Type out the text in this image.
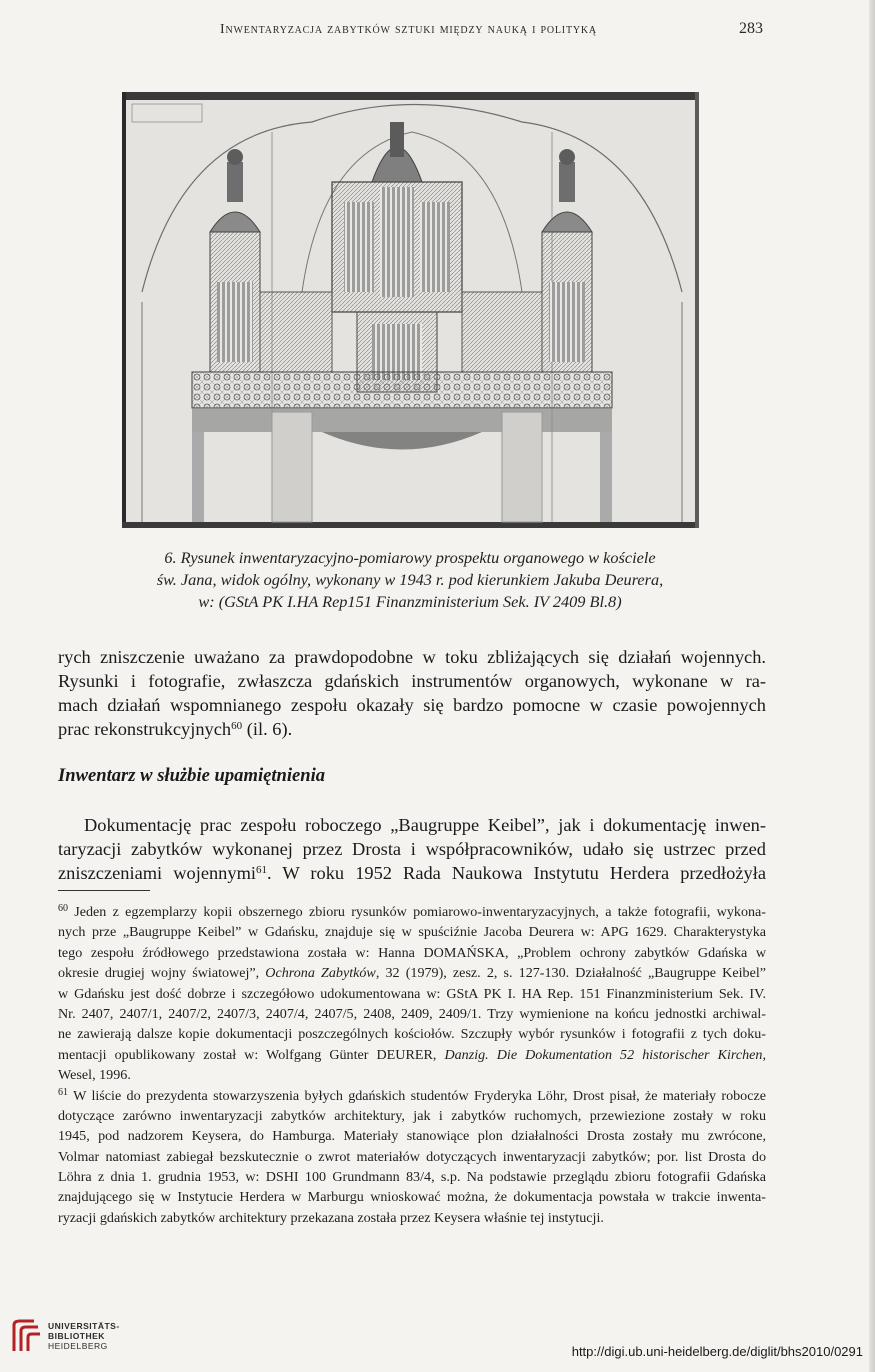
Inwentaryzacja zabytków sztuki między nauką i polityką	283
6. Rysunek inwentaryzacyjno-pomiarowy prospektu organowego w kościele
św. Jana, widok ogólny, wykonany w 1943 r. pod kierunkiem Jakuba Deurera,
w: (GStA PK I.HA Rep151 Finanzministerium Sek. IV 2409 Bl.8)
rych zniszczenie uważano za prawdopodobne w toku zbliżających się działań wojennych.
Rysunki i fotografie, zwłaszcza gdańskich instrumentów organowych, wykonane w ra-
mach działań wspomnianego zespołu okazały się bardzo pomocne w czasie powojennych
prac rekonstrukcyjnych$^{60}$ (il. 6).
Inwentarz w służbie upamiętnienia
Dokumentację prac zespołu roboczego „Baugruppe Keibel”, jak i dokumentację inwen-
taryzacji zabytków wykonanej przez Drosta i współpracowników, udało się ustrzec przed
zniszczeniami wojennymi$^{61}$. W roku 1952 Rada Naukowa Instytutu Herdera przedłożyła
$^{60}$ Jeden z egzemplarzy kopii obszernego zbioru rysunków pomiarowo-inwentaryzacyjnych, a także fotografii, wykona-
nych prze „Baugruppe Keibel” w Gdańsku, znajduje się w spuściźnie Jacoba Deurera w: APG 1629. Charakterystyka
tego zespołu źródłowego przedstawiona została w: Hanna DOMAŃSKA, „Problem ochrony zabytków Gdańska w
okresie drugiej wojny światowej”, Ochrona Zabytków, 32 (1979), zesz. 2, s. 127-130. Działalność „Baugruppe Keibel”
w Gdańsku jest dość dobrze i szczegółowo udokumentowana w: GStA PK I. HA Rep. 151 Finanzministerium Sek. IV.
Nr. 2407, 2407/1, 2407/2, 2407/3, 2407/4, 2407/5, 2408, 2409, 2409/1. Trzy wymienione na końcu jednostki archiwal-
ne zawierają dalsze kopie dokumentacji poszczególnych kościołów. Szczupły wybór rysunków i fotografii z tych doku-
mentacji opublikowany został w: Wolfgang Günter DEURER, Danzig. Die Dokumentation 52 historischer Kirchen,
Wesel, 1996.
$^{61}$ W liście do prezydenta stowarzyszenia byłych gdańskich studentów Fryderyka Löhr, Drost pisał, że materiały robocze
dotyczące zarówno inwentaryzacji zabytków architektury, jak i zabytków ruchomych, przewiezione zostały w roku
1945, pod nadzorem Keysera, do Hamburga. Materiały stanowiące plon działalności Drosta zostały mu zwrócone,
Volmar natomiast zabiegał bezskutecznie o zwrot materiałów dotyczących inwentaryzacji zabytków; por. list Drosta do
Löhra z dnia 1. grudnia 1953, w: DSHI 100 Grundmann 83/4, s.p. Na podstawie przeglądu zbioru fotografii Gdańska
znajdującego się w Instytucie Herdera w Marburgu wnioskować można, że dokumentacja powstała w trakcie inwenta-
ryzacji gdańskich zabytków architektury przekazana została przez Keysera właśnie tej instytucji.
UNIVERSITÄTS-
BIBLIOTHEK
HEIDELBERG	http://digi.ub.uni-heidelberg.de/diglit/bhs2010/0291
